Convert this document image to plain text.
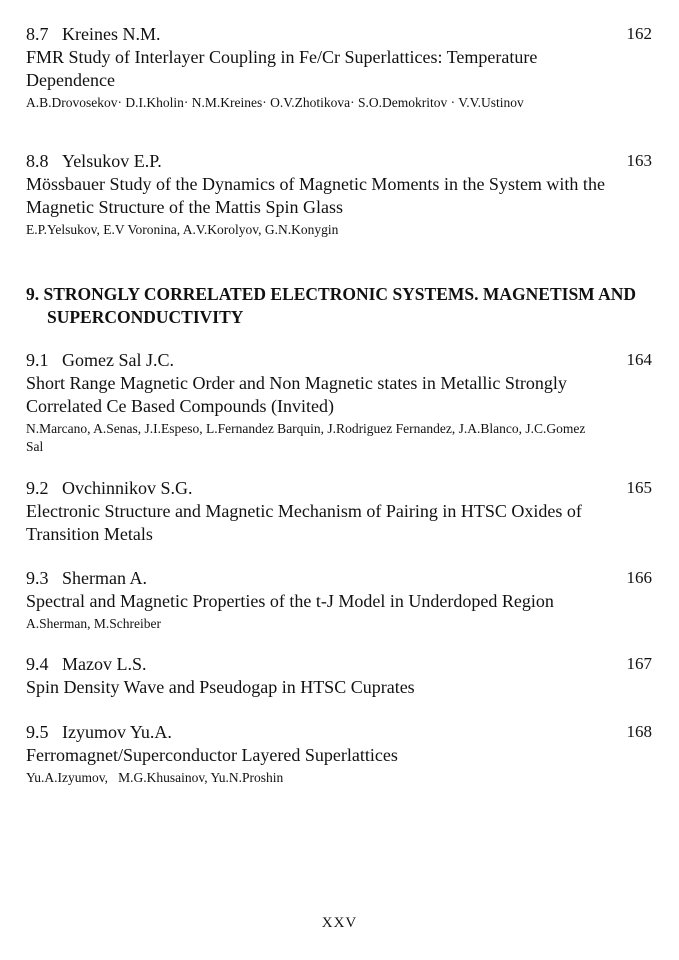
8.7 Kreines N.M.	162

FMR Study of Interlayer Coupling in Fe/Cr Superlattices: Temperature Dependence

A.B.Drovosekov· D.I.Kholin· N.M.Kreines· O.V.Zhotikova· S.O.Demokritov · V.V.Ustinov

8.8 Yelsukov E.P.	163

Mössbauer Study of the Dynamics of Magnetic Moments in the System with the Magnetic Structure of the Mattis Spin Glass

E.P.Yelsukov, E.V Voronina, A.V.Korolyov, G.N.Konygin

9. STRONGLY CORRELATED ELECTRONIC SYSTEMS. MAGNETISM AND SUPERCONDUCTIVITY
9.1 Gomez Sal J.C.	164

Short Range Magnetic Order and Non Magnetic states in Metallic Strongly Correlated Ce Based Compounds (Invited)

N.Marcano, A.Senas, J.I.Espeso, L.Fernandez Barquin, J.Rodriguez Fernandez, J.A.Blanco, J.C.Gomez Sal

9.2 Ovchinnikov S.G.	165

Electronic Structure and Magnetic Mechanism of Pairing in HTSC Oxides of Transition Metals

9.3 Sherman A.	166

Spectral and Magnetic Properties of the t-J Model in Underdoped Region

A.Sherman, M.Schreiber

9.4 Mazov L.S.	167

Spin Density Wave and Pseudogap in HTSC Cuprates

9.5 Izyumov Yu.A.	168

Ferromagnet/Superconductor Layered Superlattices

Yu.A.Izyumov,   M.G.Khusainov, Yu.N.Proshin

XXV
